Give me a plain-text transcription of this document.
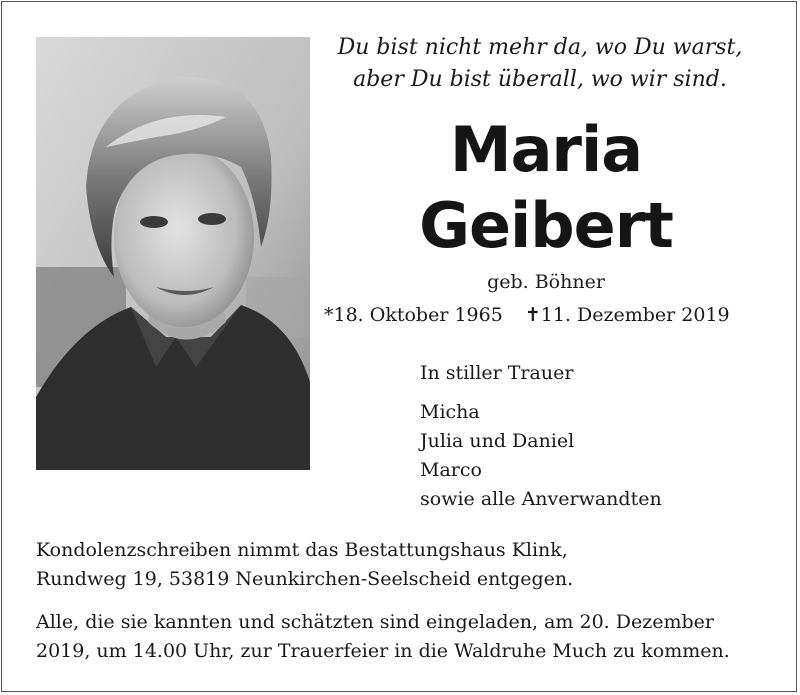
Du bist nicht mehr da, wo Du warst,
aber Du bist überall, wo wir sind.
Maria
Geibert
geb. Böhner
*18. Oktober 1965 ✝11. Dezember 2019
In stiller Trauer
Micha
Julia und Daniel
Marco
sowie alle Anverwandten
Kondolenzschreiben nimmt das Bestattungshaus Klink,
Rundweg 19, 53819 Neunkirchen-Seelscheid entgegen.
Alle, die sie kannten und schätzten sind eingeladen, am 20. Dezember
2019, um 14.00 Uhr, zur Trauerfeier in die Waldruhe Much zu kommen.
